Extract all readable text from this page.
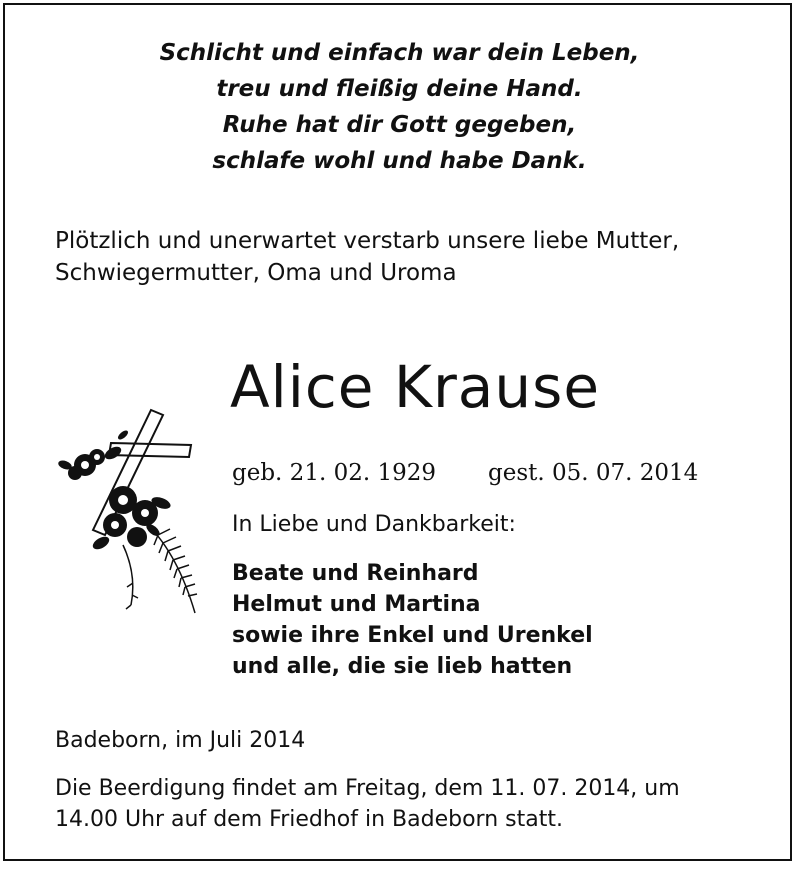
Schlicht und einfach war dein Leben,
treu und fleißig deine Hand.
Ruhe hat dir Gott gegeben,
schlafe wohl und habe Dank.
Plötzlich und unerwartet verstarb unsere liebe Mutter,
Schwiegermutter, Oma und Uroma
Alice Krause
geb. 21. 02. 1929 gest. 05. 07. 2014
In Liebe und Dankbarkeit:
Beate und Reinhard
Helmut und Martina
sowie ihre Enkel und Urenkel
und alle, die sie lieb hatten
Badeborn, im Juli 2014
Die Beerdigung findet am Freitag, dem 11. 07. 2014, um
14.00 Uhr auf dem Friedhof in Badeborn statt.
